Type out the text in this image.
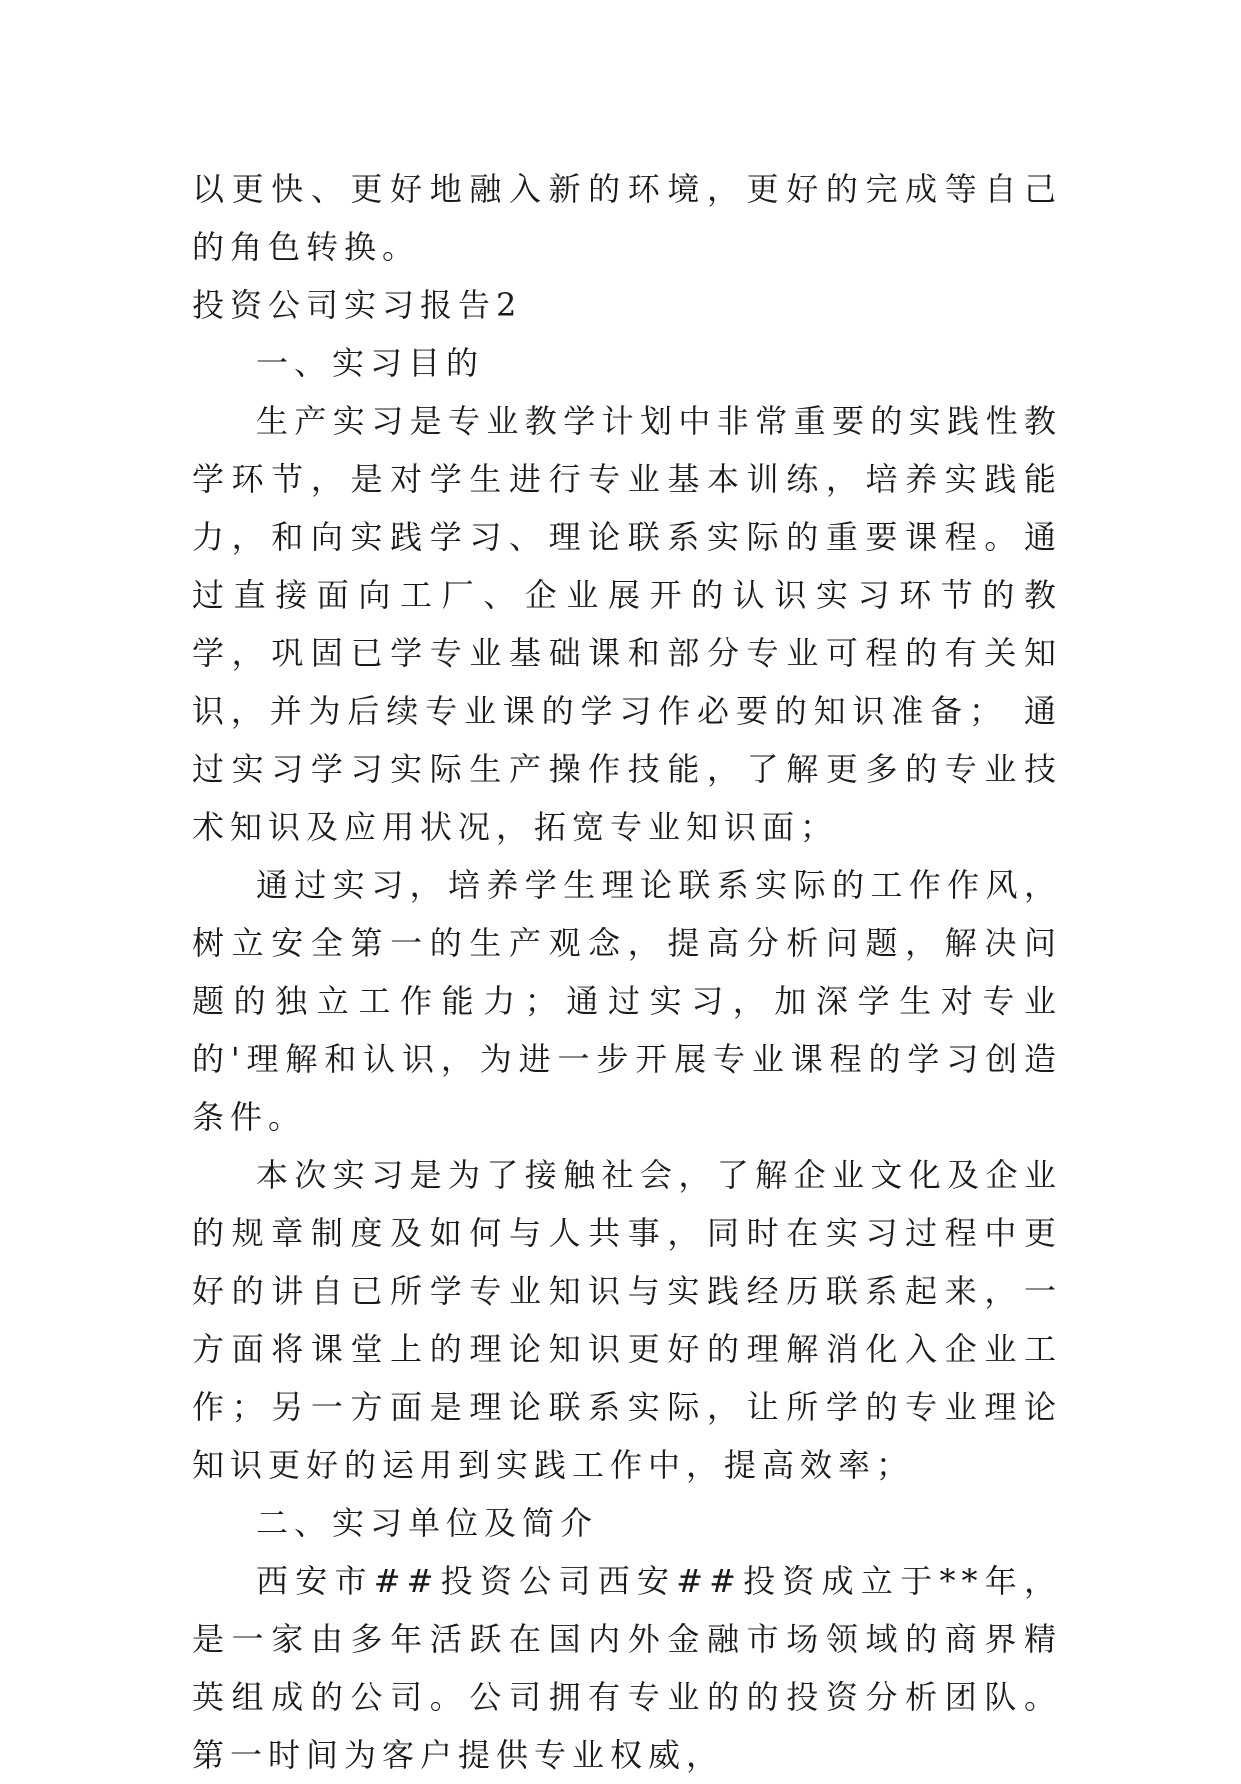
以更快、更好地融入新的环境，更好的完成等自己的角色转换。

投资公司实习报告2

一、实习目的

生产实习是专业教学计划中非常重要的实践性教学环节，是对学生进行专业基本训练，培养实践能力，和向实践学习、理论联系实际的重要课程。通过直接面向工厂、企业展开的认识实习环节的教学，巩固已学专业基础课和部分专业可程的有关知识，并为后续专业课的学习作必要的知识准备； 通过实习学习实际生产操作技能，了解更多的专业技术知识及应用状况，拓宽专业知识面；

通过实习，培养学生理论联系实际的工作作风，树立安全第一的生产观念，提高分析问题，解决问题的独立工作能力；通过实习，加深学生对专业的'理解和认识，为进一步开展专业课程的学习创造条件。

本次实习是为了接触社会，了解企业文化及企业的规章制度及如何与人共事，同时在实习过程中更好的讲自已所学专业知识与实践经历联系起来，一方面将课堂上的理论知识更好的理解消化入企业工作；另一方面是理论联系实际，让所学的专业理论知识更好的运用到实践工作中，提高效率；

二、实习单位及简介

西安市##投资公司西安##投资成立于**年，是一家由多年活跃在国内外金融市场领域的商界精英组成的公司。公司拥有专业的的投资分析团队。第一时间为客户提供专业权威，
